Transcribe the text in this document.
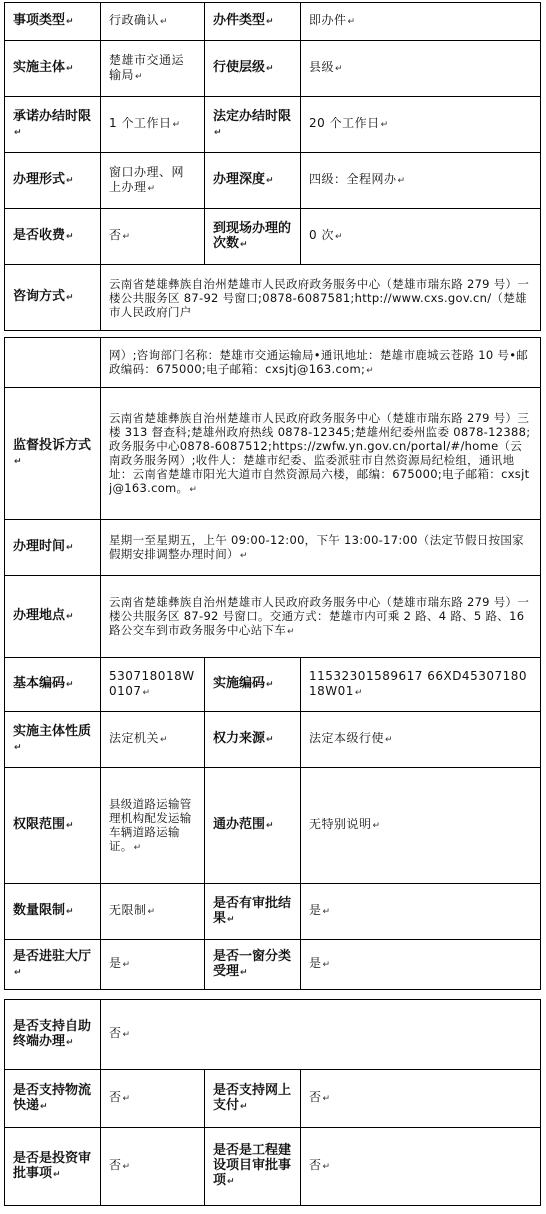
事项类型 ↵	行政确认 ↵	办件类型 ↵	即办件 ↵
实施主体 ↵	楚雄市交通运输局 ↵	行使层级 ↵	县级 ↵
承诺办结时限 ↵	1 个工作日 ↵	法定办结时限 ↵	20 个工作日 ↵
办理形式 ↵	窗口办理、网上办理 ↵	办理深度 ↵	四级：全程网办 ↵
是否收费 ↵	否 ↵	到现场办理的次数 ↵	0 次 ↵
咨询方式 ↵	云南省楚雄彝族自治州楚雄市人民政府政务服务中心（楚雄市瑞东路 279 号）一楼公共服务区 87-92 号窗口;0878-6087581;http://www.cxs.gov.cn/（楚雄市人民政府门户		
	网）;咨询部门名称：楚雄市交通运输局•通讯地址：楚雄市鹿城云苍路 10 号•邮政编码：675000;电子邮箱：cxsjtj@163.com; ↵
监督投诉方式 ↵	云南省楚雄彝族自治州楚雄市人民政府政务服务中心（楚雄市瑞东路 279 号）三楼 313 督查科;楚雄州政府热线 0878-12345;楚雄州纪委州监委 0878-12388; 政务服务中心0878-6087512;https://zwfw.yn.gov.cn/portal/#/home（云南政务服务网）;收件人：楚雄市纪委、监委派驻市自然资源局纪检组，通讯地址：云南省楚雄市阳光大道市自然资源局六楼，邮编：675000;电子邮箱：cxsjtj@163.com。 ↵
办理时间 ↵	星期一至星期五，上午 09:00-12:00，下午 13:00-17:00（法定节假日按国家假期安排调整办理时间） ↵
办理地点 ↵	云南省楚雄彝族自治州楚雄市人民政府政务服务中心（楚雄市瑞东路 279 号）一楼公共服务区 87-92 号窗口。交通方式：楚雄市内可乘 2 路、4 路、5 路、16 路公交车到市政务服务中心站下车 ↵
基本编码 ↵	530718018W0107 ↵	实施编码 ↵	11532301589617 66XD45307180 18W01 ↵
实施主体性质 ↵	法定机关 ↵	权力来源 ↵	法定本级行使 ↵
权限范围 ↵	县级道路运输管理机构配发运输车辆道路运输证。 ↵	通办范围 ↵	无特别说明 ↵
数量限制 ↵	无限制 ↵	是否有审批结果 ↵	是 ↵
是否进驻大厅 ↵	是 ↵	是否一窗分类受理 ↵	是 ↵
是否支持自助终端办理 ↵	否 ↵
是否支持物流快递 ↵	否 ↵	是否支持网上支付 ↵	否 ↵
是否是投资审批事项 ↵	否 ↵	是否是工程建设项目审批事项 ↵	否 ↵
